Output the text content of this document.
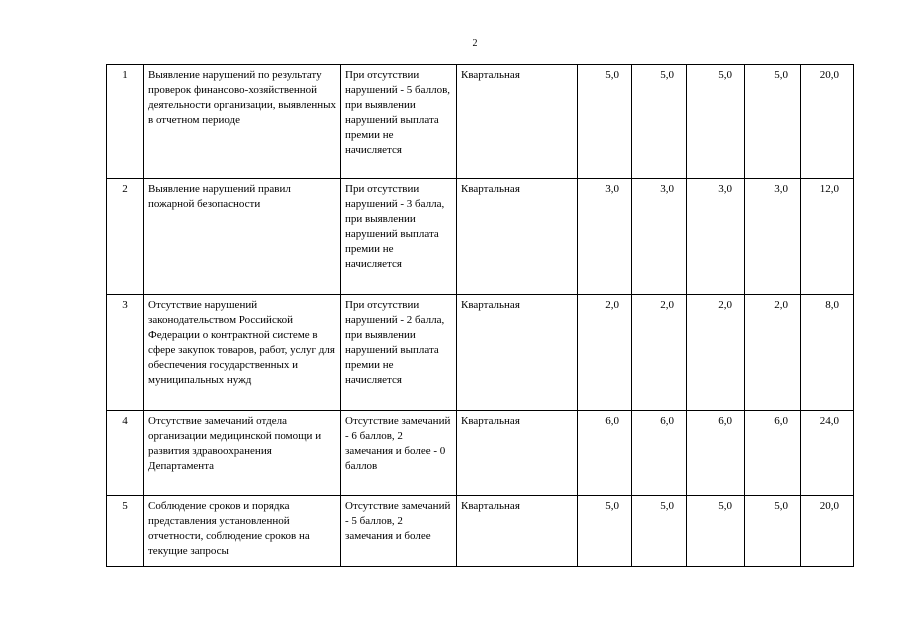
2
1	Выявление нарушений по результату проверок финансово-хозяйственной деятельности организации, выявленных в отчетном периоде	При отсутствии нарушений - 5 баллов, при выявлении нарушений выплата премии не начисляется	Квартальная	5,0	5,0	5,0	5,0	20,0
2	Выявление нарушений правил пожарной безопасности	При отсутствии нарушений - 3 балла, при выявлении нарушений выплата премии не начисляется	Квартальная	3,0	3,0	3,0	3,0	12,0
3	Отсутствие нарушений законодательством Российской Федерации о контрактной системе в сфере закупок товаров, работ, услуг для обеспечения государственных и муниципальных нужд	При отсутствии нарушений - 2 балла, при выявлении нарушений выплата премии не начисляется	Квартальная	2,0	2,0	2,0	2,0	8,0
4	Отсутствие замечаний отдела организации медицинской помощи и развития здравоохранения Департамента	Отсутствие замечаний - 6 баллов, 2 замечания и более - 0 баллов	Квартальная	6,0	6,0	6,0	6,0	24,0
5	Соблюдение сроков и порядка представления установленной отчетности, соблюдение сроков на текущие запросы	Отсутствие замечаний - 5 баллов, 2 замечания и более	Квартальная	5,0	5,0	5,0	5,0	20,0
